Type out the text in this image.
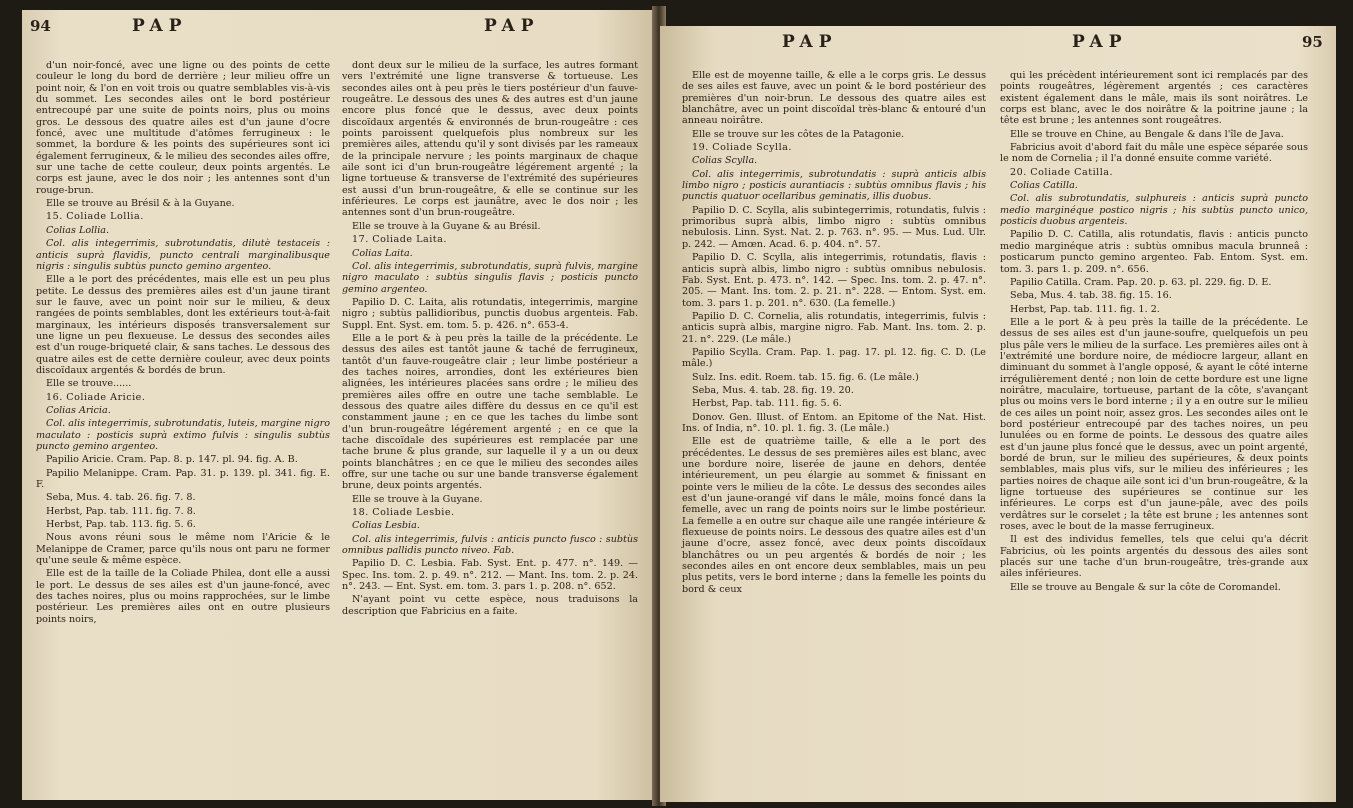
94	PAP	PAP

d'un noir-foncé, avec une ligne ou des points de cette couleur le long du bord de derrière ; leur milieu offre un point noir, & l'on en voit trois ou quatre semblables vis-à-vis du sommet. Les secondes ailes ont le bord postérieur entrecoupé par une suite de points noirs, plus ou moins gros. Le dessous des quatre ailes est d'un jaune d'ocre foncé, avec une multitude d'atômes ferrugineux : le sommet, la bordure & les points des supérieures sont ici également ferrugineux, & le milieu des secondes ailes offre, sur une tache de cette couleur, deux points argentés. Le corps est jaune, avec le dos noir ; les antennes sont d'un rouge-brun.

Elle se trouve au Brésil & à la Guyane.

15. Coliade Lollia.

Colias Lollia.

Col. alis integerrimis, subrotundatis, dilutè testaceis : anticis suprà flavidis, puncto centrali marginalibusque nigris : singulis subtùs puncto gemino argenteo.

Elle a le port des précédentes, mais elle est un peu plus petite. Le dessus des premières ailes est d'un jaune tirant sur le fauve, avec un point noir sur le milieu, & deux rangées de points semblables, dont les extérieurs tout-à-fait marginaux, les intérieurs disposés transversalement sur une ligne un peu flexueuse. Le dessus des secondes ailes est d'un rouge-briqueté clair, & sans taches. Le dessous des quatre ailes est de cette dernière couleur, avec deux points discoïdaux argentés & bordés de brun.

Elle se trouve......

16. Coliade Aricie.

Colias Aricia.

Col. alis integerrimis, subrotundatis, luteis, margine nigro maculato : posticis suprà extimo fulvis : singulis subtùs puncto gemino argenteo.

Papilio Aricie. Cram. Pap. 8. p. 147. pl. 94. fig. A. B.

Papilio Melanippe. Cram. Pap. 31. p. 139. pl. 341. fig. E. F.

Seba, Mus. 4. tab. 26. fig. 7. 8.

Herbst, Pap. tab. 111. fig. 7. 8.

Herbst, Pap. tab. 113. fig. 5. 6.

Nous avons réuni sous le même nom l'Aricie & le Melanippe de Cramer, parce qu'ils nous ont paru ne former qu'une seule & même espèce.

Elle est de la taille de la Coliade Philea, dont elle a aussi le port. Le dessus de ses ailes est d'un jaune-foncé, avec des taches noires, plus ou moins rapprochées, sur le limbe postérieur. Les premières ailes ont en outre plusieurs points noirs,

dont deux sur le milieu de la surface, les autres formant vers l'extrémité une ligne transverse & tortueuse. Les secondes ailes ont à peu près le tiers postérieur d'un fauve-rougeâtre. Le dessous des unes & des autres est d'un jaune encore plus foncé que le dessus, avec deux points discoïdaux argentés & environnés de brun-rougeâtre : ces points paroissent quelquefois plus nombreux sur les premières ailes, attendu qu'il y sont divisés par les rameaux de la principale nervure ; les points marginaux de chaque aile sont ici d'un brun-rougeâtre légérement argenté ; la ligne tortueuse & transverse de l'extrémité des supérieures est aussi d'un brun-rougeâtre, & elle se continue sur les inférieures. Le corps est jaunâtre, avec le dos noir ; les antennes sont d'un brun-rougeâtre.

Elle se trouve à la Guyane & au Brésil.

17. Coliade Laita.

Colias Laita.

Col. alis integerrimis, subrotundatis, suprà fulvis, margine nigro maculato : subtùs singulis flavis ; posticis puncto gemino argenteo.

Papilio D. C. Laita, alis rotundatis, integerrimis, margine nigro ; subtùs pallidioribus, punctis duobus argenteis. Fab. Suppl. Ent. Syst. em. tom. 5. p. 426. n°. 653-4.

Elle a le port & à peu près la taille de la précédente. Le dessus des ailes est tantôt jaune & taché de ferrugineux, tantôt d'un fauve-rougeâtre clair ; leur limbe postérieur a des taches noires, arrondies, dont les extérieures bien alignées, les intérieures placées sans ordre ; le milieu des premières ailes offre en outre une tache semblable. Le dessous des quatre ailes diffère du dessus en ce qu'il est constamment jaune ; en ce que les taches du limbe sont d'un brun-rougeâtre légérement argenté ; en ce que la tache discoïdale des supérieures est remplacée par une tache brune & plus grande, sur laquelle il y a un ou deux points blanchâtres ; en ce que le milieu des secondes ailes offre, sur une tache ou sur une bande transverse également brune, deux points argentés.

Elle se trouve à la Guyane.

18. Coliade Lesbie.

Colias Lesbia.

Col. alis integerrimis, fulvis : anticis puncto fusco : subtùs omnibus pallidis puncto niveo. Fab.

Papilio D. C. Lesbia. Fab. Syst. Ent. p. 477. n°. 149. — Spec. Ins. tom. 2. p. 49. n°. 212. — Mant. Ins. tom. 2. p. 24. n°. 243. — Ent. Syst. em. tom. 3. pars 1. p. 208. n°. 652.

N'ayant point vu cette espèce, nous traduisons la description que Fabricius en a faite.

PAP	PAP	95

Elle est de moyenne taille, & elle a le corps gris. Le dessus de ses ailes est fauve, avec un point & le bord postérieur des premières d'un noir-brun. Le dessous des quatre ailes est blanchâtre, avec un point discoïdal très-blanc & entouré d'un anneau noirâtre.

Elle se trouve sur les côtes de la Patagonie.

19. Coliade Scylla.

Colias Scylla.

Col. alis integerrimis, subrotundatis : suprà anticis albis limbo nigro ; posticis aurantiacis : subtùs omnibus flavis ; his punctis quatuor ocellaribus geminatis, illis duobus.

Papilio D. C. Scylla, alis subintegerrimis, rotundatis, fulvis : primoribus suprà albis, limbo nigro : subtùs omnibus nebulosis. Linn. Syst. Nat. 2. p. 763. n°. 95. — Mus. Lud. Ulr. p. 242. — Amœn. Acad. 6. p. 404. n°. 57.

Papilio D. C. Scylla, alis integerrimis, rotundatis, flavis : anticis suprà albis, limbo nigro : subtùs omnibus nebulosis. Fab. Syst. Ent. p. 473. n°. 142. — Spec. Ins. tom. 2. p. 47. n°. 205. — Mant. Ins. tom. 2. p. 21. n°. 228. — Entom. Syst. em. tom. 3. pars 1. p. 201. n°. 630. (La femelle.)

Papilio D. C. Cornelia, alis rotundatis, integerrimis, fulvis : anticis suprà albis, margine nigro. Fab. Mant. Ins. tom. 2. p. 21. n°. 229. (Le mâle.)

Papilio Scylla. Cram. Pap. 1. pag. 17. pl. 12. fig. C. D. (Le mâle.)

Sulz. Ins. edit. Roem. tab. 15. fig. 6. (Le mâle.)

Seba, Mus. 4. tab. 28. fig. 19. 20.

Herbst, Pap. tab. 111. fig. 5. 6.

Donov. Gen. Illust. of Entom. an Epitome of the Nat. Hist. Ins. of India, n°. 10. pl. 1. fig. 3. (Le mâle.)

Elle est de quatrième taille, & elle a le port des précédentes. Le dessus de ses premières ailes est blanc, avec une bordure noire, liserée de jaune en dehors, dentée intérieurement, un peu élargie au sommet & finissant en pointe vers le milieu de la côte. Le dessus des secondes ailes est d'un jaune-orangé vif dans le mâle, moins foncé dans la femelle, avec un rang de points noirs sur le limbe postérieur. La femelle a en outre sur chaque aile une rangée intérieure & flexueuse de points noirs. Le dessous des quatre ailes est d'un jaune d'ocre, assez foncé, avec deux points discoïdaux blanchâtres ou un peu argentés & bordés de noir ; les secondes ailes en ont encore deux semblables, mais un peu plus petits, vers le bord interne ; dans la femelle les points du bord & ceux

qui les précèdent intérieurement sont ici remplacés par des points rougeâtres, légèrement argentés ; ces caractères existent également dans le mâle, mais ils sont noirâtres. Le corps est blanc, avec le dos noirâtre & la poitrine jaune ; la tête est brune ; les antennes sont rougeâtres.

Elle se trouve en Chine, au Bengale & dans l'île de Java.

Fabricius avoit d'abord fait du mâle une espèce séparée sous le nom de Cornelia ; il l'a donné ensuite comme variété.

20. Coliade Catilla.

Colias Catilla.

Col. alis subrotundatis, sulphureis : anticis suprà puncto medio marginéque postico nigris ; his subtùs puncto unico, posticis duobus argenteis.

Papilio D. C. Catilla, alis rotundatis, flavis : anticis puncto medio marginéque atris : subtùs omnibus macula brunneâ : posticarum puncto gemino argenteo. Fab. Entom. Syst. em. tom. 3. pars 1. p. 209. n°. 656.

Papilio Catilla. Cram. Pap. 20. p. 63. pl. 229. fig. D. E.

Seba, Mus. 4. tab. 38. fig. 15. 16.

Herbst, Pap. tab. 111. fig. 1. 2.

Elle a le port & à peu près la taille de la précédente. Le dessus de ses ailes est d'un jaune-soufre, quelquefois un peu plus pâle vers le milieu de la surface. Les premières ailes ont à l'extrémité une bordure noire, de médiocre largeur, allant en diminuant du sommet à l'angle opposé, & ayant le côté interne irrégulièrement denté ; non loin de cette bordure est une ligne noirâtre, maculaire, tortueuse, partant de la côte, s'avançant plus ou moins vers le bord interne ; il y a en outre sur le milieu de ces ailes un point noir, assez gros. Les secondes ailes ont le bord postérieur entrecoupé par des taches noires, un peu lunulées ou en forme de points. Le dessous des quatre ailes est d'un jaune plus foncé que le dessus, avec un point argenté, bordé de brun, sur le milieu des supérieures, & deux points semblables, mais plus vifs, sur le milieu des inférieures ; les parties noires de chaque aile sont ici d'un brun-rougeâtre, & la ligne tortueuse des supérieures se continue sur les inférieures. Le corps est d'un jaune-pâle, avec des poils verdâtres sur le corselet ; la tête est brune ; les antennes sont roses, avec le bout de la masse ferrugineux.

Il est des individus femelles, tels que celui qu'a décrit Fabricius, où les points argentés du dessous des ailes sont placés sur une tache d'un brun-rougeâtre, très-grande aux ailes inférieures.

Elle se trouve au Bengale & sur la côte de Coromandel.
